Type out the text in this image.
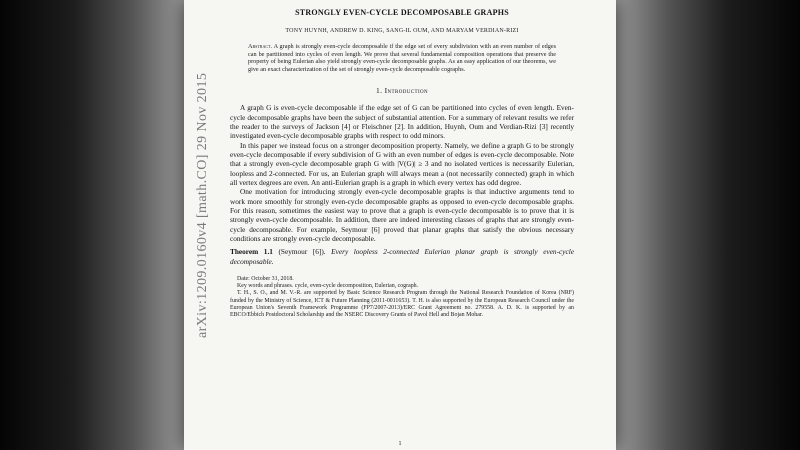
arXiv:1209.0160v4 [math.CO] 29 Nov 2015
STRONGLY EVEN-CYCLE DECOMPOSABLE GRAPHS
TONY HUYNH, ANDREW D. KING, SANG-IL OUM, AND MARYAM VERDIAN-RIZI
Abstract. A graph is strongly even-cycle decomposable if the edge set of every subdivision with an even number of edges can be partitioned into cycles of even length. We prove that several fundamental composition operations that preserve the property of being Eulerian also yield strongly even-cycle decomposable graphs. As an easy application of our theorems, we give an exact characterization of the set of strongly even-cycle decomposable cographs.
1. Introduction

A graph G is even-cycle decomposable if the edge set of G can be partitioned into cycles of even length. Even-cycle decomposable graphs have been the subject of substantial attention. For a summary of relevant results we refer the reader to the surveys of Jackson [4] or Fleischner [2]. In addition, Huynh, Oum and Verdian-Rizi [3] recently investigated even-cycle decomposable graphs with respect to odd minors.

In this paper we instead focus on a stronger decomposition property. Namely, we define a graph G to be strongly even-cycle decomposable if every subdivision of G with an even number of edges is even-cycle decomposable. Note that a strongly even-cycle decomposable graph G with |V(G)| ≥ 3 and no isolated vertices is necessarily Eulerian, loopless and 2-connected. For us, an Eulerian graph will always mean a (not necessarily connected) graph in which all vertex degrees are even. An anti-Eulerian graph is a graph in which every vertex has odd degree.

One motivation for introducing strongly even-cycle decomposable graphs is that inductive arguments tend to work more smoothly for strongly even-cycle decomposable graphs as opposed to even-cycle decomposable graphs. For this reason, sometimes the easiest way to prove that a graph is even-cycle decomposable is to prove that it is strongly even-cycle decomposable. In addition, there are indeed interesting classes of graphs that are strongly even-cycle decomposable. For example, Seymour [6] proved that planar graphs that satisfy the obvious necessary conditions are strongly even-cycle decomposable.

Theorem 1.1 (Seymour [6]). Every loopless 2-connected Eulerian planar graph is strongly even-cycle decomposable.
Date: October 31, 2018.
Key words and phrases. cycle, even-cycle decomposition, Eulerian, cograph.
T. H., S. O., and M. V.-R. are supported by Basic Science Research Program through the National Research Foundation of Korea (NRF) funded by the Ministry of Science, ICT & Future Planning (2011-0011653). T. H. is also supported by the European Research Council under the European Union's Seventh Framework Programme (FP7/2007-2013)/ERC Grant Agreement no. 279558. A. D. K. is supported by an EBCO/Ebbich Postdoctoral Scholarship and the NSERC Discovery Grants of Pavol Hell and Bojan Mohar.
1
